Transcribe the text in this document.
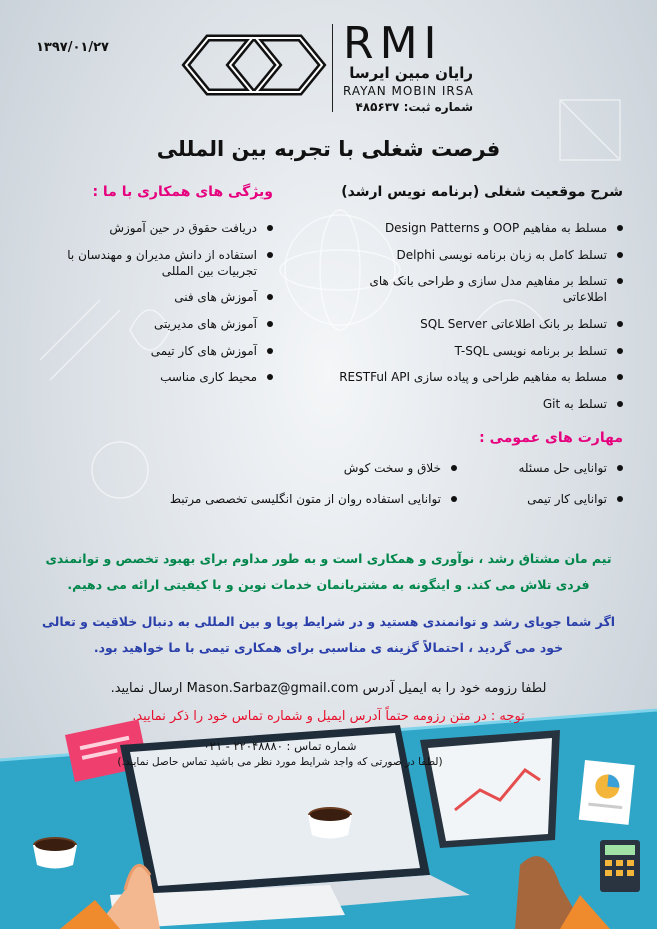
۱۳۹۷/۰۱/۲۷	RMI
رایان مبین ایرسا
RAYAN MOBIN IRSA
شماره ثبت: ۴۸۵۶۳۷
فرصت شغلی با تجربه بین المللی
شرح موقعیت شغلی (برنامه نویس ارشد)
مسلط به مفاهیم OOP و Design Patterns
تسلط کامل به زبان برنامه نویسی Delphi
تسلط بر مفاهیم مدل سازی و طراحی بانک های اطلاعاتی
تسلط بر بانک اطلاعاتی SQL Server
تسلط بر برنامه نویسی T-SQL
مسلط به مفاهیم طراحی و پیاده سازی RESTFul API
تسلط به Git
ویژگی های همکاری با ما :
دریافت حقوق در حین آموزش
استفاده از دانش مدیران و مهندسان با تجربیات بین المللی
آموزش های فنی
آموزش های مدیریتی
آموزش های کار تیمی
محیط کاری مناسب
مهارت های عمومی :
توانایی حل مسئله
توانایی کار تیمی
خلاق و سخت کوش
توانایی استفاده روان از متون انگلیسی تخصصی مرتبط
تیم مان مشتاق رشد ، نوآوری و همکاری است و به طور مداوم برای بهبود تخصص و توانمندی فردی تلاش می کند. و اینگونه به مشتریانمان خدمات نوین و با کیفیتی ارائه می دهیم.
اگر شما جویای رشد و توانمندی هستید و در شرایط پویا و بین المللی به دنبال خلاقیت و تعالی خود می گردید ، احتمالاً گزینه ی مناسبی برای همکاری تیمی با ما خواهید بود.
لطفا رزومه خود را به ایمیل آدرس Mason.Sarbaz@gmail.com ارسال نمایید.
توجه : در متن رزومه حتماً آدرس ایمیل و شماره تماس خود را ذکر نمایید.
شماره تماس : ۲۲۰۴۸۸۸۰ - ۰۲۱
(لطفا در صورتی که واجد شرایط مورد نظر می باشید تماس حاصل نمایید.)
